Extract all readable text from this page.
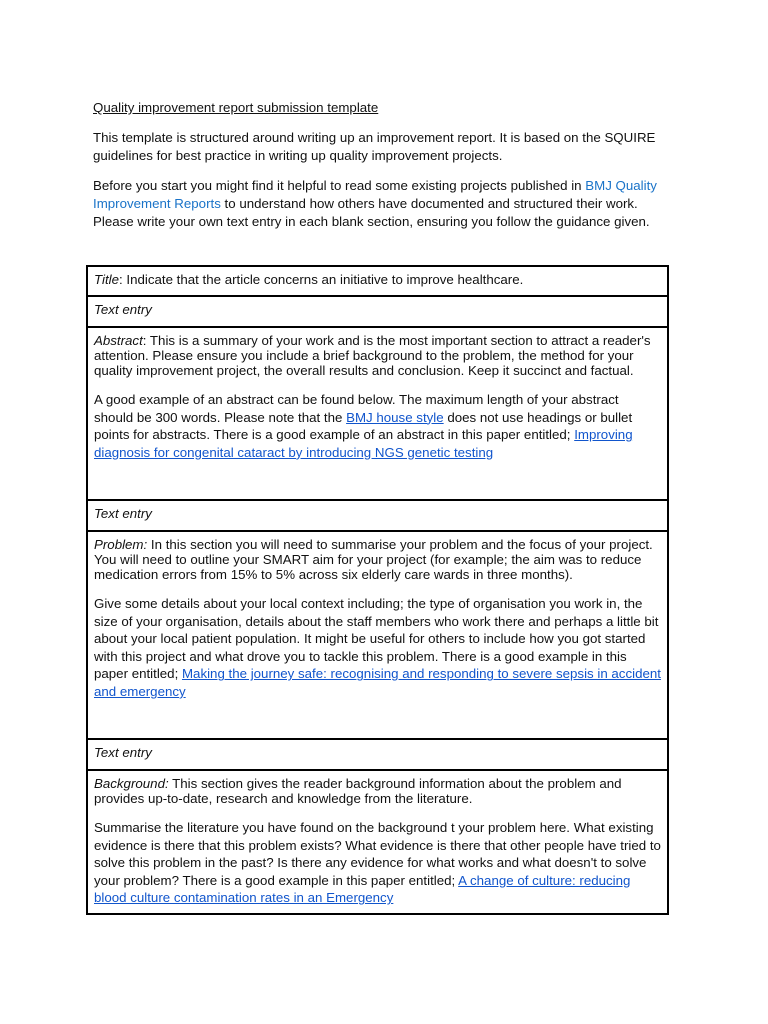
Quality improvement report submission template

This template is structured around writing up an improvement report. It is based on the SQUIRE guidelines for best practice in writing up quality improvement projects.

Before you start you might find it helpful to read some existing projects published in BMJ Quality Improvement Reports to understand how others have documented and structured their work. Please write your own text entry in each blank section, ensuring you follow the guidance given.

Title: Indicate that the article concerns an initiative to improve healthcare.
Text entry

Abstract: This is a summary of your work and is the most important section to attract a reader's attention. Please ensure you include a brief background to the problem, the method for your quality improvement project, the overall results and conclusion. Keep it succinct and factual.

A good example of an abstract can be found below. The maximum length of your abstract should be 300 words. Please note that the BMJ house style does not use headings or bullet points for abstracts. There is a good example of an abstract in this paper entitled; Improving diagnosis for congenital cataract by introducing NGS genetic testing

Text entry

Problem: In this section you will need to summarise your problem and the focus of your project. You will need to outline your SMART aim for your project (for example; the aim was to reduce medication errors from 15% to 5% across six elderly care wards in three months).

Give some details about your local context including; the type of organisation you work in, the size of your organisation, details about the staff members who work there and perhaps a little bit about your local patient population. It might be useful for others to include how you got started with this project and what drove you to tackle this problem. There is a good example in this paper entitled; Making the journey safe: recognising and responding to severe sepsis in accident and emergency

Text entry

Background: This section gives the reader background information about the problem and provides up-to-date, research and knowledge from the literature.

Summarise the literature you have found on the background t your problem here. What existing evidence is there that this problem exists? What evidence is there that other people have tried to solve this problem in the past? Is there any evidence for what works and what doesn't to solve your problem? There is a good example in this paper entitled; A change of culture: reducing blood culture contamination rates in an Emergency
